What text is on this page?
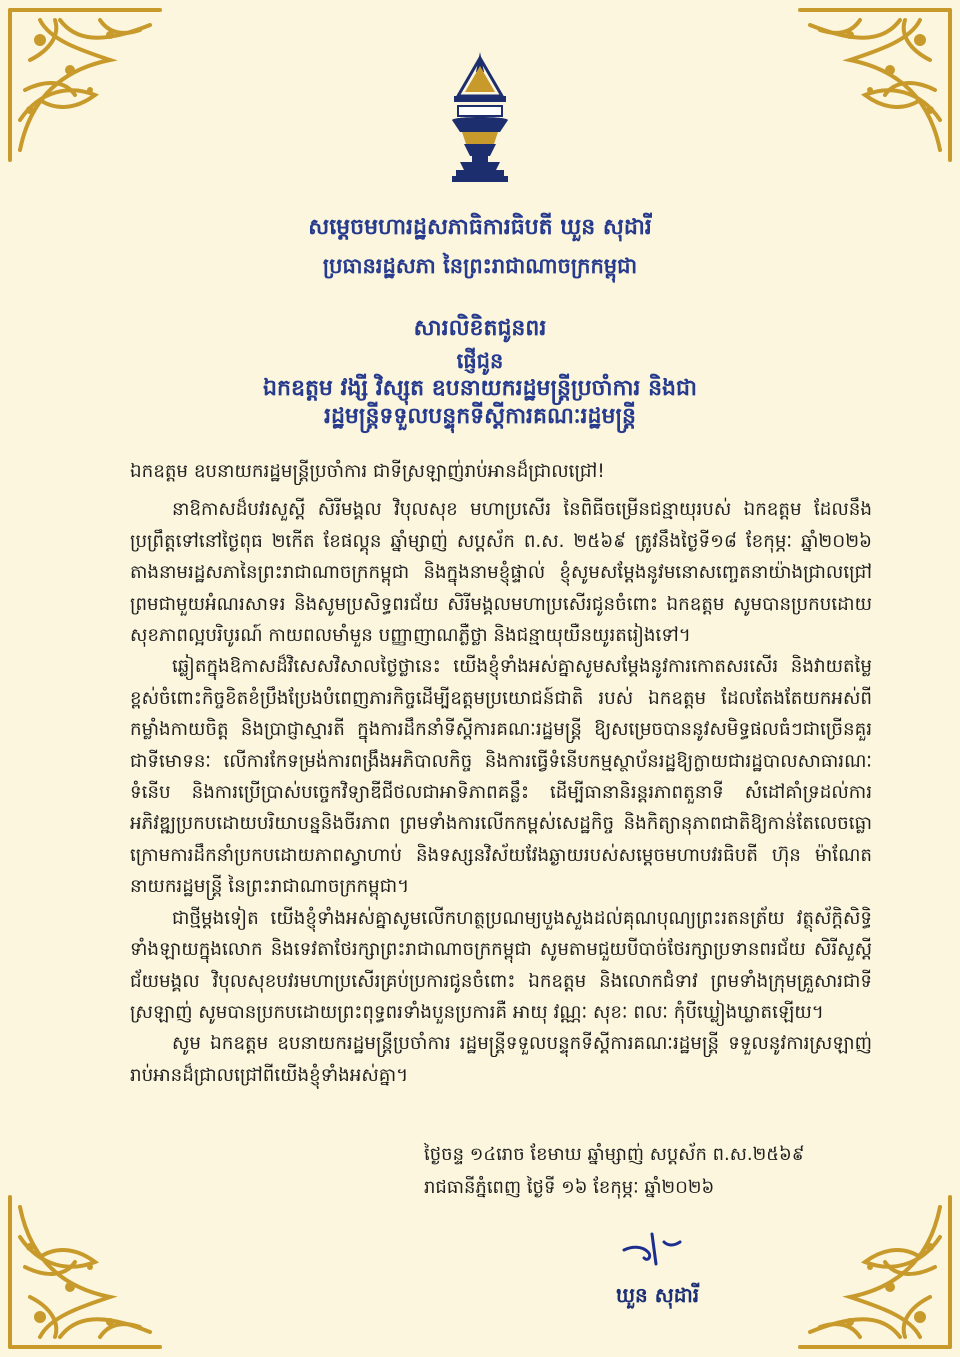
សម្តេចមហារដ្ឋសភាធិការធិបតី ឃួន សុដារី
ប្រធានរដ្ឋសភា នៃព្រះរាជាណាចក្រកម្ពុជា
សារលិខិតជូនពរ
ផ្ញើជូន
ឯកឧត្តម វង្សី វិស្សុត ឧបនាយករដ្ឋមន្ត្រីប្រចាំការ និងជា
រដ្ឋមន្ត្រីទទួលបន្ទុកទីស្តីការគណៈរដ្ឋមន្ត្រី

ឯកឧត្តម ឧបនាយករដ្ឋមន្ត្រីប្រចាំការ ជាទីស្រឡាញ់រាប់អានដ៏ជ្រាលជ្រៅ!

នាឱកាសដ៏បវរសួស្តី សិរីមង្គល វិបុលសុខ មហាប្រសើរ នៃពិធីចម្រើនជន្មាយុរបស់ ឯកឧត្តម ដែលនឹងប្រព្រឹត្តទៅនៅថ្ងៃពុធ ២កើត ខែផល្គុន ឆ្នាំម្សាញ់ សប្តស័ក ព.ស. ២៥៦៩ ត្រូវនឹងថ្ងៃទី១៨ ខែកុម្ភៈ ឆ្នាំ២០២៦ តាងនាមរដ្ឋសភានៃព្រះរាជាណាចក្រកម្ពុជា និងក្នុងនាមខ្ញុំផ្ទាល់ ខ្ញុំសូមសម្តែងនូវមនោសញ្ចេតនាយ៉ាងជ្រាលជ្រៅ ព្រមជាមួយអំណរសាទរ និងសូមប្រសិទ្ធពរជ័យ សិរីមង្គលមហាប្រសើរជូនចំពោះ ឯកឧត្តម សូមបានប្រកបដោយសុខភាពល្អបរិបូរណ៍ កាយពលមាំមួន បញ្ញាញាណភ្លឺថ្លា និងជន្មាយុយឺនយូរតរៀងទៅ។

ឆ្លៀតក្នុងឱកាសដ៏វិសេសវិសាលថ្ងៃថ្លានេះ យើងខ្ញុំទាំងអស់គ្នាសូមសម្តែងនូវការកោតសរសើរ និងវាយតម្លៃខ្ពស់ចំពោះកិច្ចខិតខំប្រឹងប្រែងបំពេញភារកិច្ចដើម្បីឧត្តមប្រយោជន៍ជាតិ របស់ ឯកឧត្តម ដែលតែងតែយកអស់ពីកម្លាំងកាយចិត្ត និងប្រាជ្ញាស្មារតី ក្នុងការដឹកនាំទីស្តីការគណៈរដ្ឋមន្ត្រី ឱ្យសម្រេចបាននូវសមិទ្ធផលធំៗជាច្រើនគួរជាទីមោទនៈ លើការកែទម្រង់ការពង្រឹងអភិបាលកិច្ច និងការធ្វើទំនើបកម្មស្ថាប័នរដ្ឋឱ្យក្លាយជារដ្ឋបាលសាធារណៈទំនើប និងការប្រើប្រាស់បច្ចេកវិទ្យាឌីជីថលជាអាទិភាពគន្លឹះ ដើម្បីធានានិរន្តរភាពតួនាទី សំដៅគាំទ្រដល់ការអភិវឌ្ឍប្រកបដោយបរិយាបន្ននិងចីរភាព ព្រមទាំងការលើកកម្ពស់សេដ្ឋកិច្ច និងកិត្យានុភាពជាតិឱ្យកាន់តែលេចធ្លោ ក្រោមការដឹកនាំប្រកបដោយភាពស្វាហាប់ និងទស្សនវិស័យវែងឆ្ងាយរបស់សម្តេចមហាបវរធិបតី ហ៊ុន ម៉ាណែត នាយករដ្ឋមន្ត្រី នៃព្រះរាជាណាចក្រកម្ពុជា។

ជាថ្មីម្តងទៀត យើងខ្ញុំទាំងអស់គ្នាសូមលើកហត្ថប្រណម្យបួងសួងដល់គុណបុណ្យព្រះរតនត្រ័យ វត្ថុស័ក្តិសិទ្ធិទាំងឡាយក្នុងលោក និងទេវតាថែរក្សាព្រះរាជាណាចក្រកម្ពុជា សូមតាមជួយបីបាច់ថែរក្សាប្រទានពរជ័យ សិរីសួស្តី ជ័យមង្គល វិបុលសុខបវរមហាប្រសើរគ្រប់ប្រការជូនចំពោះ ឯកឧត្តម និងលោកជំទាវ ព្រមទាំងក្រុមគ្រួសារជាទីស្រឡាញ់ សូមបានប្រកបដោយព្រះពុទ្ធពរទាំងបួនប្រការគឺ អាយុ វណ្ណៈ សុខៈ ពលៈ កុំបីឃ្លៀងឃ្លាតឡើយ។

សូម ឯកឧត្តម ឧបនាយករដ្ឋមន្ត្រីប្រចាំការ រដ្ឋមន្ត្រីទទួលបន្ទុកទីស្តីការគណៈរដ្ឋមន្ត្រី ទទួលនូវការស្រឡាញ់រាប់អានដ៏ជ្រាលជ្រៅពីយើងខ្ញុំទាំងអស់គ្នា។

ថ្ងៃចន្ទ ១៤រោច ខែមាឃ ឆ្នាំម្សាញ់ សប្តស័ក ព.ស.២៥៦៩
រាជធានីភ្នំពេញ ថ្ងៃទី ១៦ ខែកុម្ភៈ ឆ្នាំ២០២៦
ឃួន សុដារី
